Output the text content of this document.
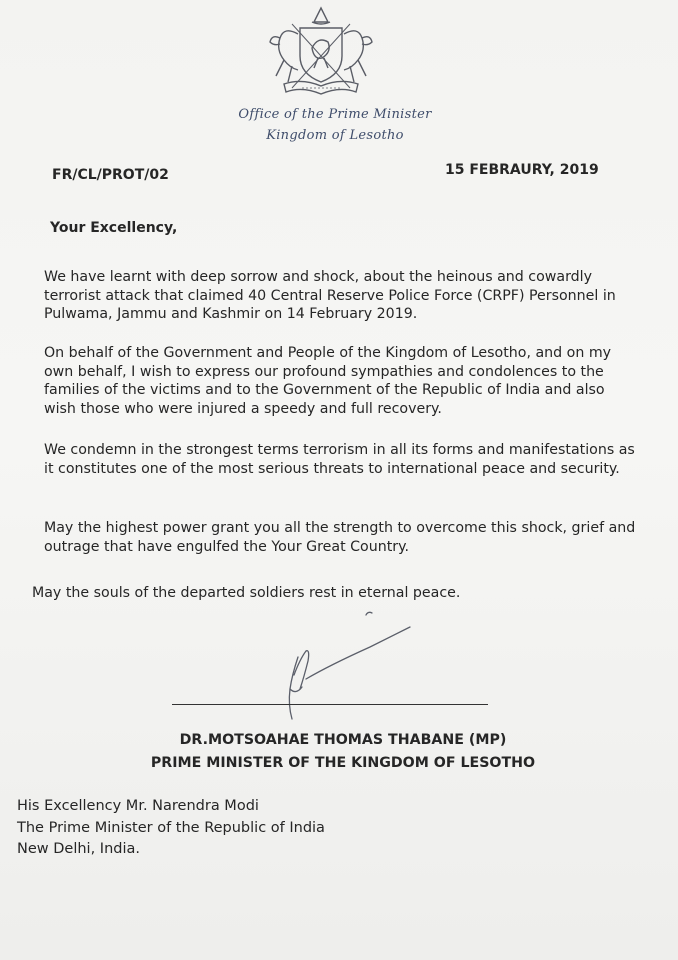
Office of the Prime Minister
Kingdom of Lesotho
FR/CL/PROT/02	15 FEBRAURY, 2019
Your Excellency,
We have learnt with deep sorrow and shock, about the heinous and cowardly terrorist attack that claimed 40 Central Reserve Police Force (CRPF) Personnel in Pulwama, Jammu and Kashmir on 14 February 2019.
On behalf of the Government and People of the Kingdom of Lesotho, and on my own behalf, I wish to express our profound sympathies and condolences to the families of the victims and to the Government of the Republic of India and also wish those who were injured a speedy and full recovery.
We condemn in the strongest terms terrorism in all its forms and manifestations as it constitutes one of the most serious threats to international peace and security.
May the highest power grant you all the strength to overcome this shock, grief and outrage that have engulfed the Your Great Country.
May the souls of the departed soldiers rest in eternal peace.
DR.MOTSOAHAE THOMAS THABANE (MP)
PRIME MINISTER OF THE KINGDOM OF LESOTHO
His Excellency Mr. Narendra Modi
The Prime Minister of the Republic of India
New Delhi, India.
